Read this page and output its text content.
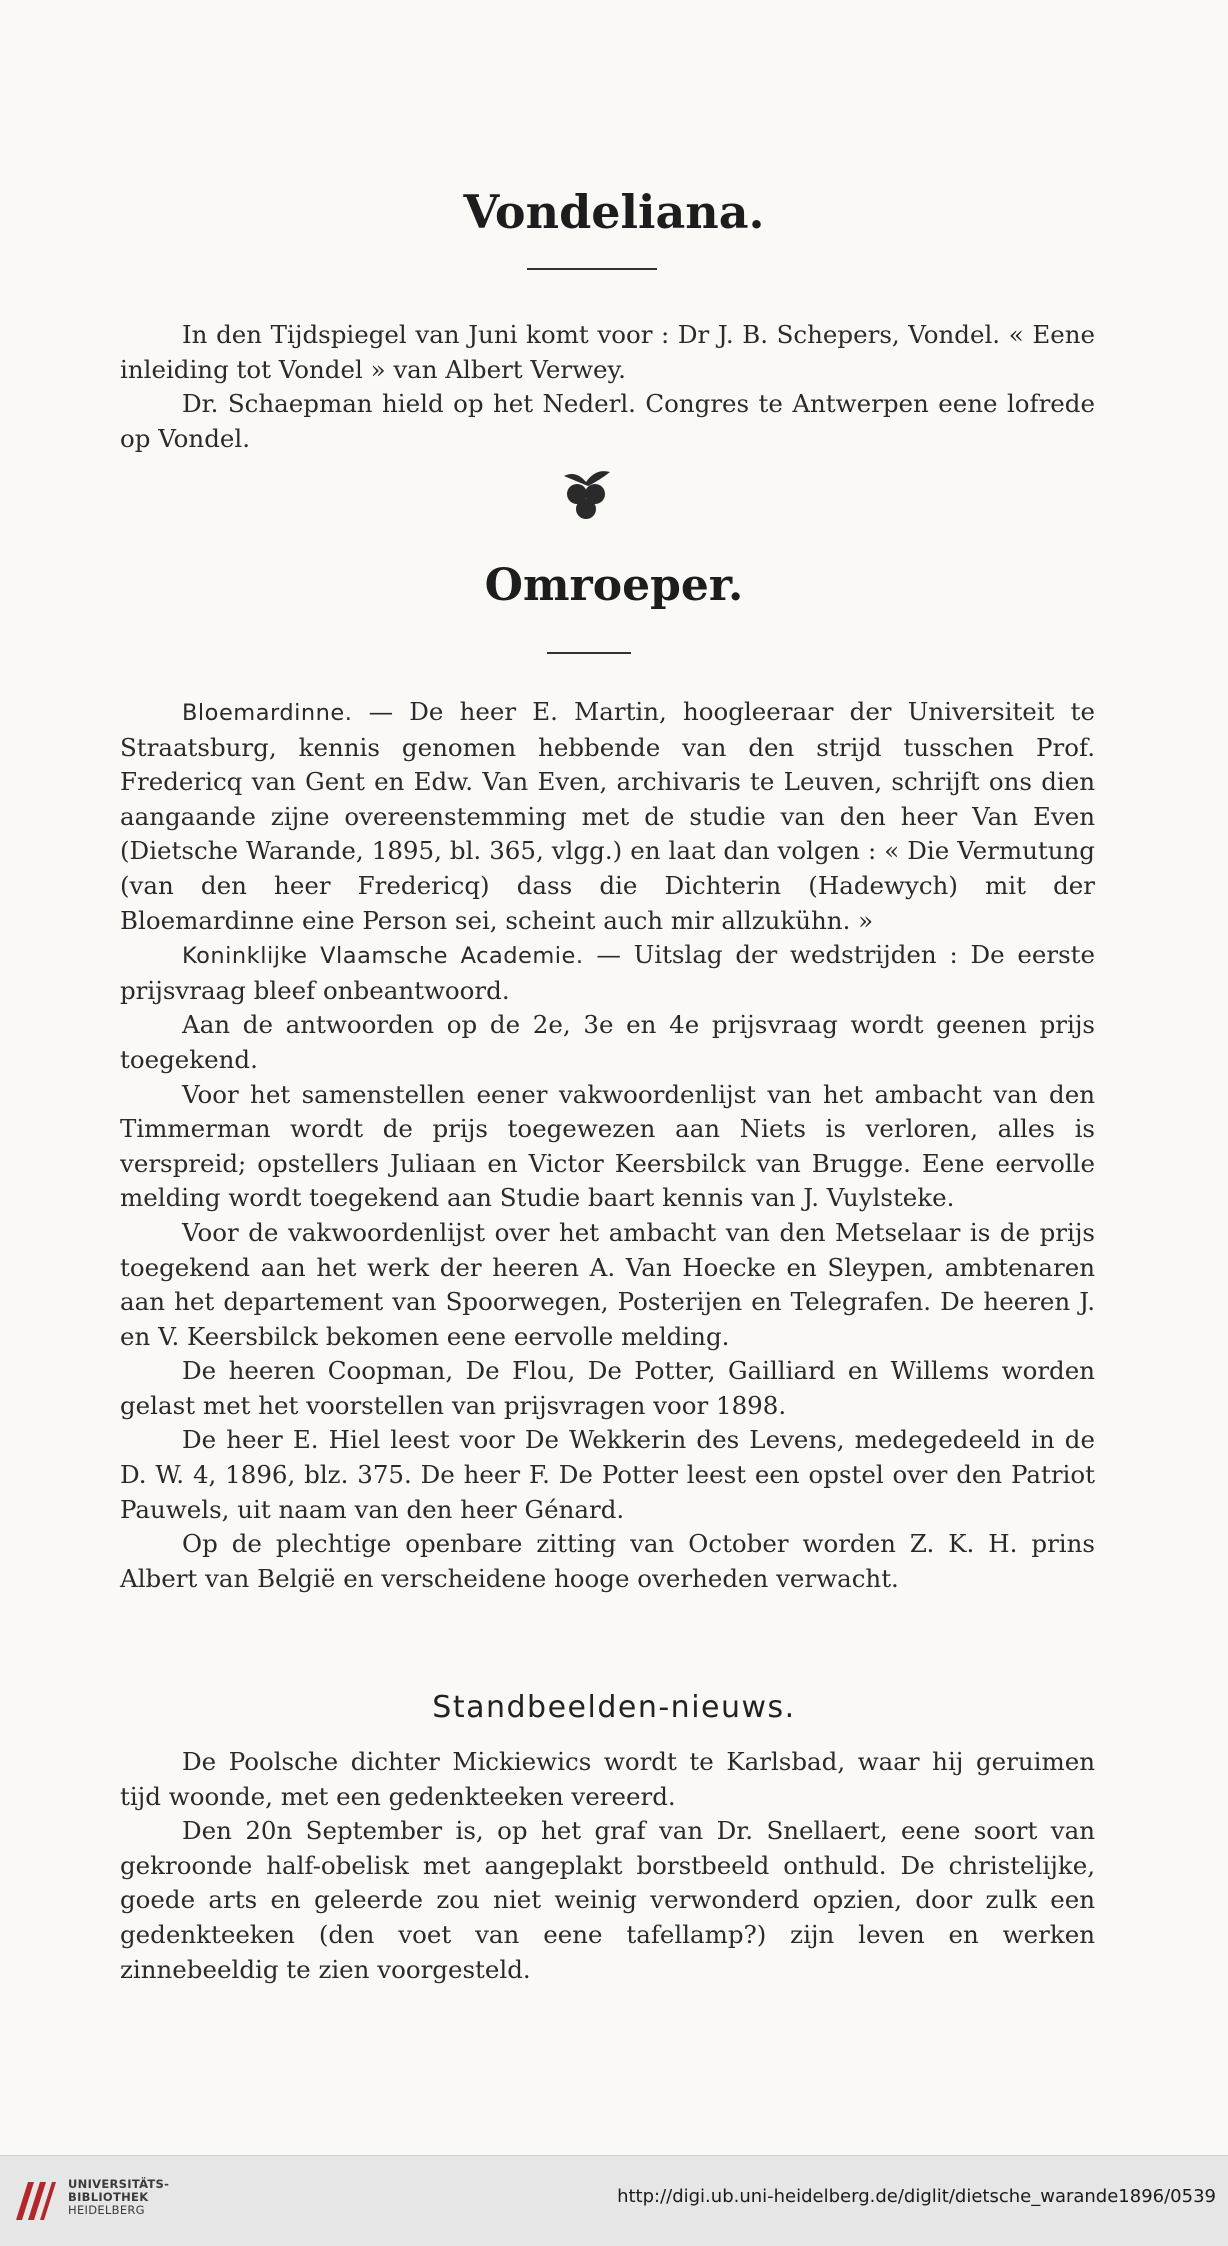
Vondeliana.

In den Tijdspiegel van Juni komt voor : Dr J. B. Schepers, Vondel. « Eene inleiding tot Vondel » van Albert Verwey.

Dr. Schaepman hield op het Nederl. Congres te Antwerpen eene lofrede op Vondel.

Omroeper.

Bloemardinne. — De heer E. Martin, hoogleeraar der Universiteit te Straatsburg, kennis genomen hebbende van den strijd tusschen Prof. Fredericq van Gent en Edw. Van Even, archivaris te Leuven, schrijft ons dien aangaande zijne overeenstemming met de studie van den heer Van Even (Dietsche Warande, 1895, bl. 365, vlgg.) en laat dan volgen : « Die Vermutung (van den heer Fredericq) dass die Dichterin (Hadewych) mit der Bloemardinne eine Person sei, scheint auch mir allzukühn. »

Koninklijke Vlaamsche Academie. — Uitslag der wedstrijden : De eerste prijsvraag bleef onbeantwoord.

Aan de antwoorden op de 2e, 3e en 4e prijsvraag wordt geenen prijs toegekend.

Voor het samenstellen eener vakwoordenlijst van het ambacht van den Timmerman wordt de prijs toegewezen aan Niets is verloren, alles is verspreid; opstellers Juliaan en Victor Keersbilck van Brugge. Eene eervolle melding wordt toegekend aan Studie baart kennis van J. Vuylsteke.

Voor de vakwoordenlijst over het ambacht van den Metselaar is de prijs toegekend aan het werk der heeren A. Van Hoecke en Sleypen, ambtenaren aan het departement van Spoorwegen, Posterijen en Telegrafen. De heeren J. en V. Keersbilck bekomen eene eervolle melding.

De heeren Coopman, De Flou, De Potter, Gailliard en Willems worden gelast met het voorstellen van prijsvragen voor 1898.

De heer E. Hiel leest voor De Wekkerin des Levens, medegedeeld in de D. W. 4, 1896, blz. 375. De heer F. De Potter leest een opstel over den Patriot Pauwels, uit naam van den heer Génard.

Op de plechtige openbare zitting van October worden Z. K. H. prins Albert van België en verscheidene hooge overheden verwacht.

Standbeelden-nieuws.

De Poolsche dichter Mickiewics wordt te Karlsbad, waar hij geruimen tijd woonde, met een gedenkteeken vereerd.

Den 20n September is, op het graf van Dr. Snellaert, eene soort van gekroonde half-obelisk met aangeplakt borstbeeld onthuld. De christelijke, goede arts en geleerde zou niet weinig verwonderd opzien, door zulk een gedenkteeken (den voet van eene tafellamp?) zijn leven en werken zinnebeeldig te zien voorgesteld.

UNIVERSITÄTS-
BIBLIOTHEK
HEIDELBERG
http://digi.ub.uni-heidelberg.de/diglit/dietsche_warande1896/0539
